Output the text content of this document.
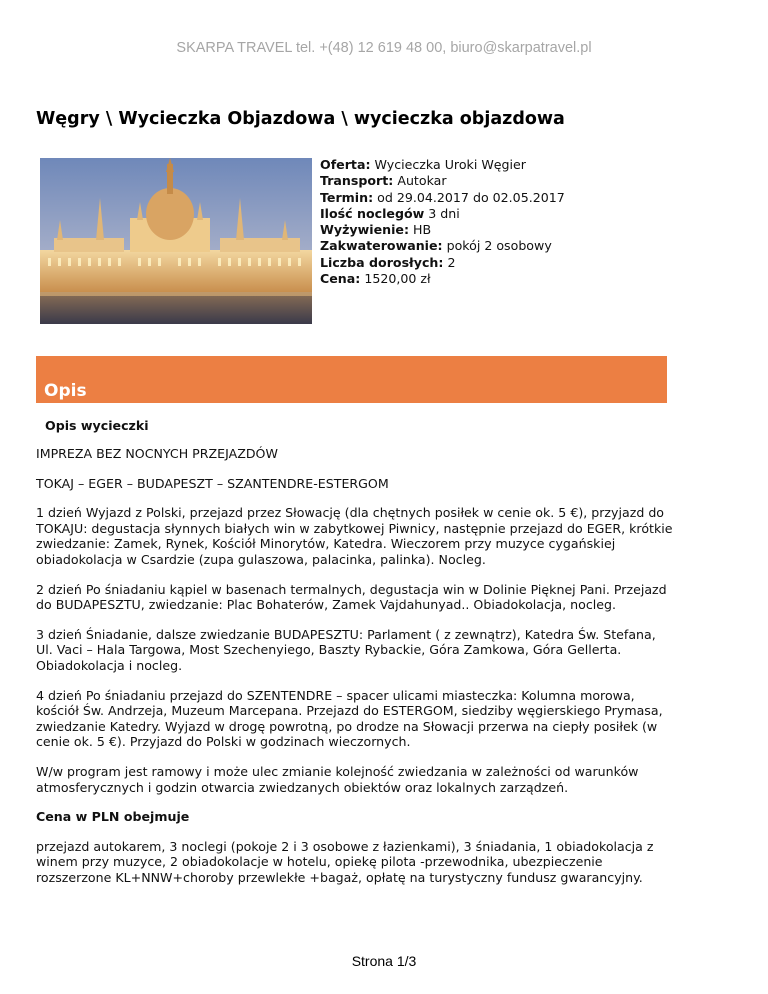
SKARPA TRAVEL tel. +(48) 12 619 48 00, biuro@skarpatravel.pl
Węgry \ Wycieczka Objazdowa \ wycieczka objazdowa
Oferta: Wycieczka Uroki Węgier
Transport: Autokar
Termin: od 29.04.2017 do 02.05.2017
Ilość noclegów 3 dni
Wyżywienie: HB
Zakwaterowanie: pokój 2 osobowy
Liczba dorosłych: 2
Cena: 1520,00 zł
Opis
Opis wycieczki

IMPREZA BEZ NOCNYCH PRZEJAZDÓW

TOKAJ – EGER – BUDAPESZT – SZANTENDRE-ESTERGOM

1 dzień Wyjazd z Polski, przejazd przez Słowację (dla chętnych posiłek w cenie ok. 5 €), przyjazd do TOKAJU: degustacja słynnych białych win w zabytkowej Piwnicy, następnie przejazd do EGER, krótkie zwiedzanie: Zamek, Rynek, Kościół Minorytów, Katedra. Wieczorem przy muzyce cygańskiej obiadokolacja w Csardzie (zupa gulaszowa, palacinka, palinka). Nocleg.

2 dzień Po śniadaniu kąpiel w basenach termalnych, degustacja win w Dolinie Pięknej Pani. Przejazd do BUDAPESZTU, zwiedzanie: Plac Bohaterów, Zamek Vajdahunyad.. Obiadokolacja, nocleg.

3 dzień Śniadanie, dalsze zwiedzanie BUDAPESZTU: Parlament ( z zewnątrz), Katedra Św. Stefana, Ul. Vaci – Hala Targowa, Most Szechenyiego, Baszty Rybackie, Góra Zamkowa, Góra Gellerta. Obiadokolacja i nocleg.

4 dzień Po śniadaniu przejazd do SZENTENDRE – spacer ulicami miasteczka: Kolumna morowa, kościół Św. Andrzeja, Muzeum Marcepana. Przejazd do ESTERGOM, siedziby węgierskiego Prymasa, zwiedzanie Katedry. Wyjazd w drogę powrotną, po drodze na Słowacji przerwa na ciepły posiłek (w cenie ok. 5 €). Przyjazd do Polski w godzinach wieczornych.

W/w program jest ramowy i może ulec zmianie kolejność zwiedzania w zależności od warunków atmosferycznych i godzin otwarcia zwiedzanych obiektów oraz lokalnych zarządzeń.

Cena w PLN obejmuje

przejazd autokarem, 3 noclegi (pokoje 2 i 3 osobowe z łazienkami), 3 śniadania, 1 obiadokolacja z winem przy muzyce, 2 obiadokolacje w hotelu, opiekę pilota -przewodnika, ubezpieczenie rozszerzone KL+NNW+choroby przewlekłe +bagaż, opłatę na turystyczny fundusz gwarancyjny.

Strona 1/3
